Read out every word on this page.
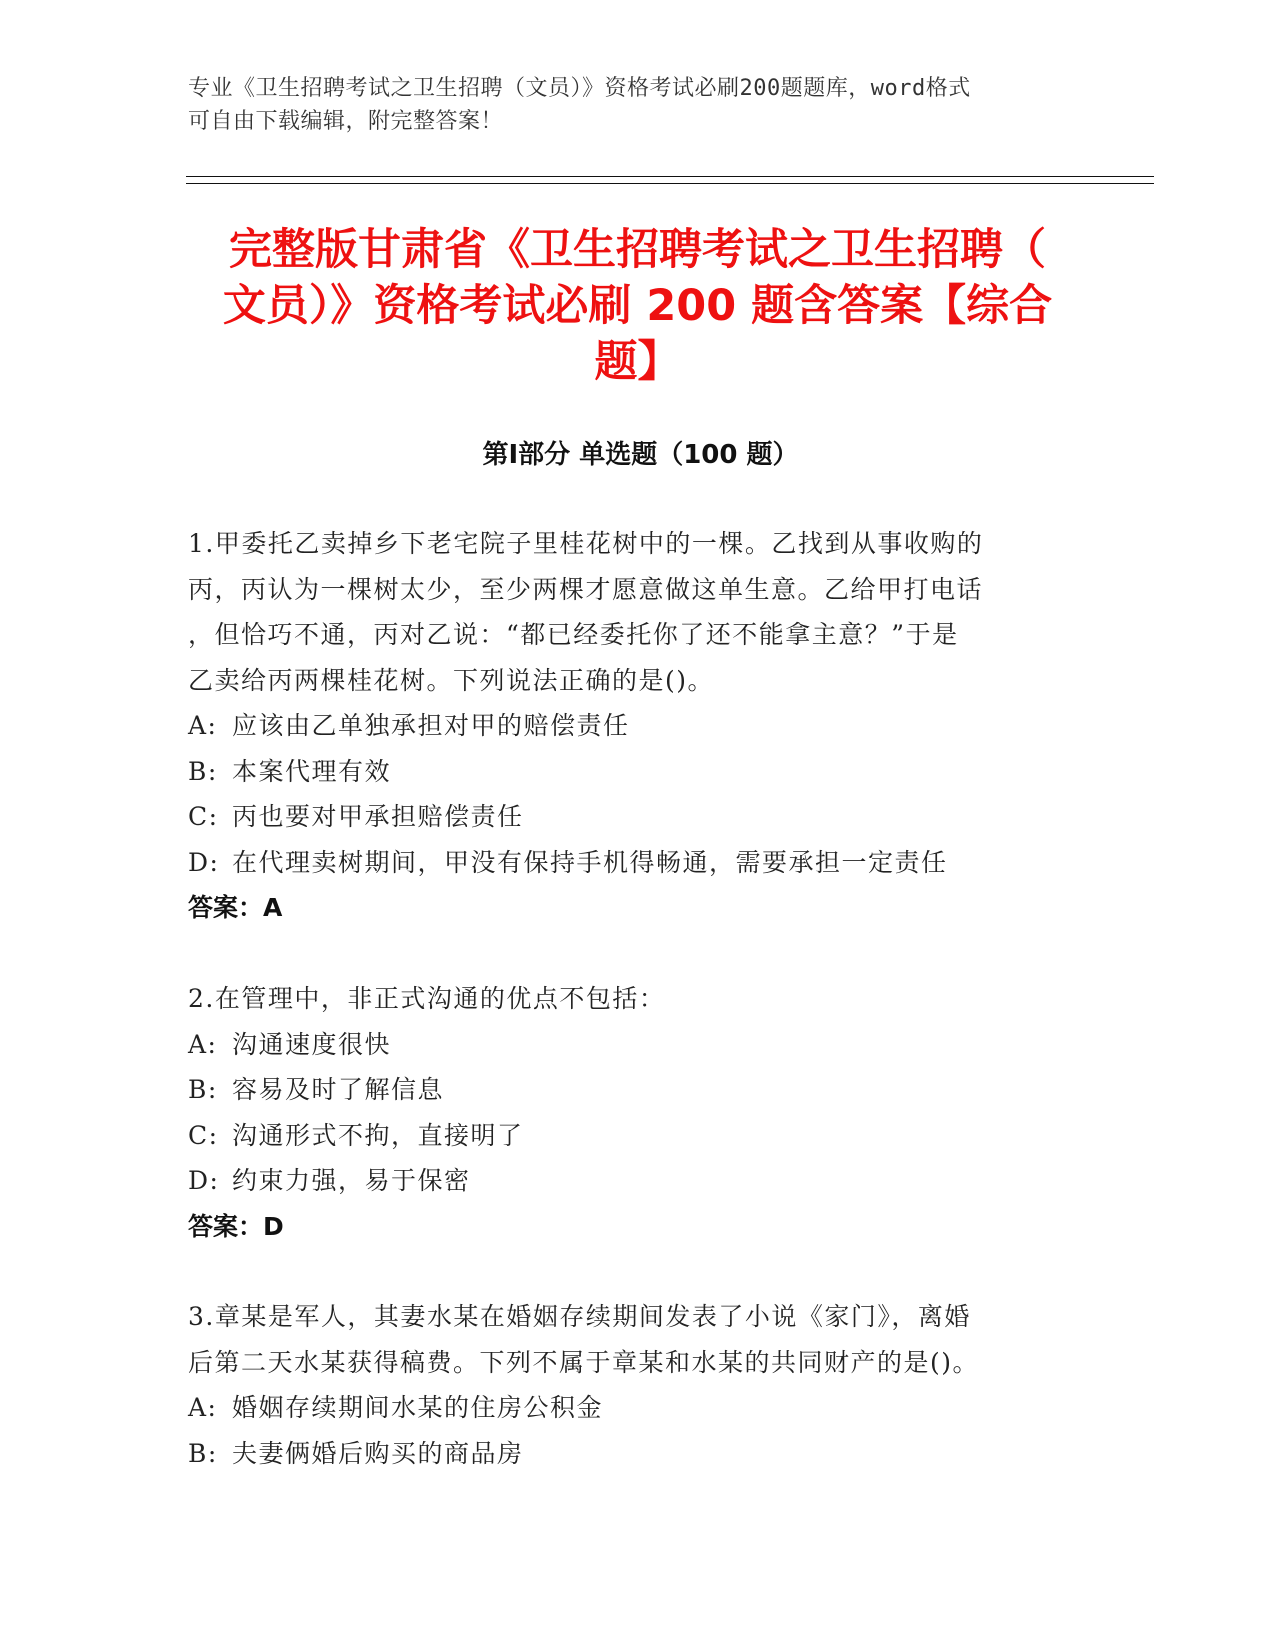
专业《卫生招聘考试之卫生招聘（文员）》资格考试必刷200题题库，word格式
可自由下载编辑，附完整答案！
完整版甘肃省《卫生招聘考试之卫生招聘（
文员）》资格考试必刷 200 题含答案【综合
题】
第Ⅰ部分 单选题（100 题）

1.甲委托乙卖掉乡下老宅院子里桂花树中的一棵。乙找到从事收购的

丙，丙认为一棵树太少，至少两棵才愿意做这单生意。乙给甲打电话

，但恰巧不通，丙对乙说：“都已经委托你了还不能拿主意？”于是

乙卖给丙两棵桂花树。下列说法正确的是()。

A: 应该由乙单独承担对甲的赔偿责任

B: 本案代理有效

C: 丙也要对甲承担赔偿责任

D: 在代理卖树期间，甲没有保持手机得畅通，需要承担一定责任

答案：A

2.在管理中，非正式沟通的优点不包括：

A: 沟通速度很快

B: 容易及时了解信息

C: 沟通形式不拘，直接明了

D: 约束力强，易于保密

答案：D

3.章某是军人，其妻水某在婚姻存续期间发表了小说《家门》，离婚

后第二天水某获得稿费。下列不属于章某和水某的共同财产的是()。

A: 婚姻存续期间水某的住房公积金

B: 夫妻俩婚后购买的商品房
